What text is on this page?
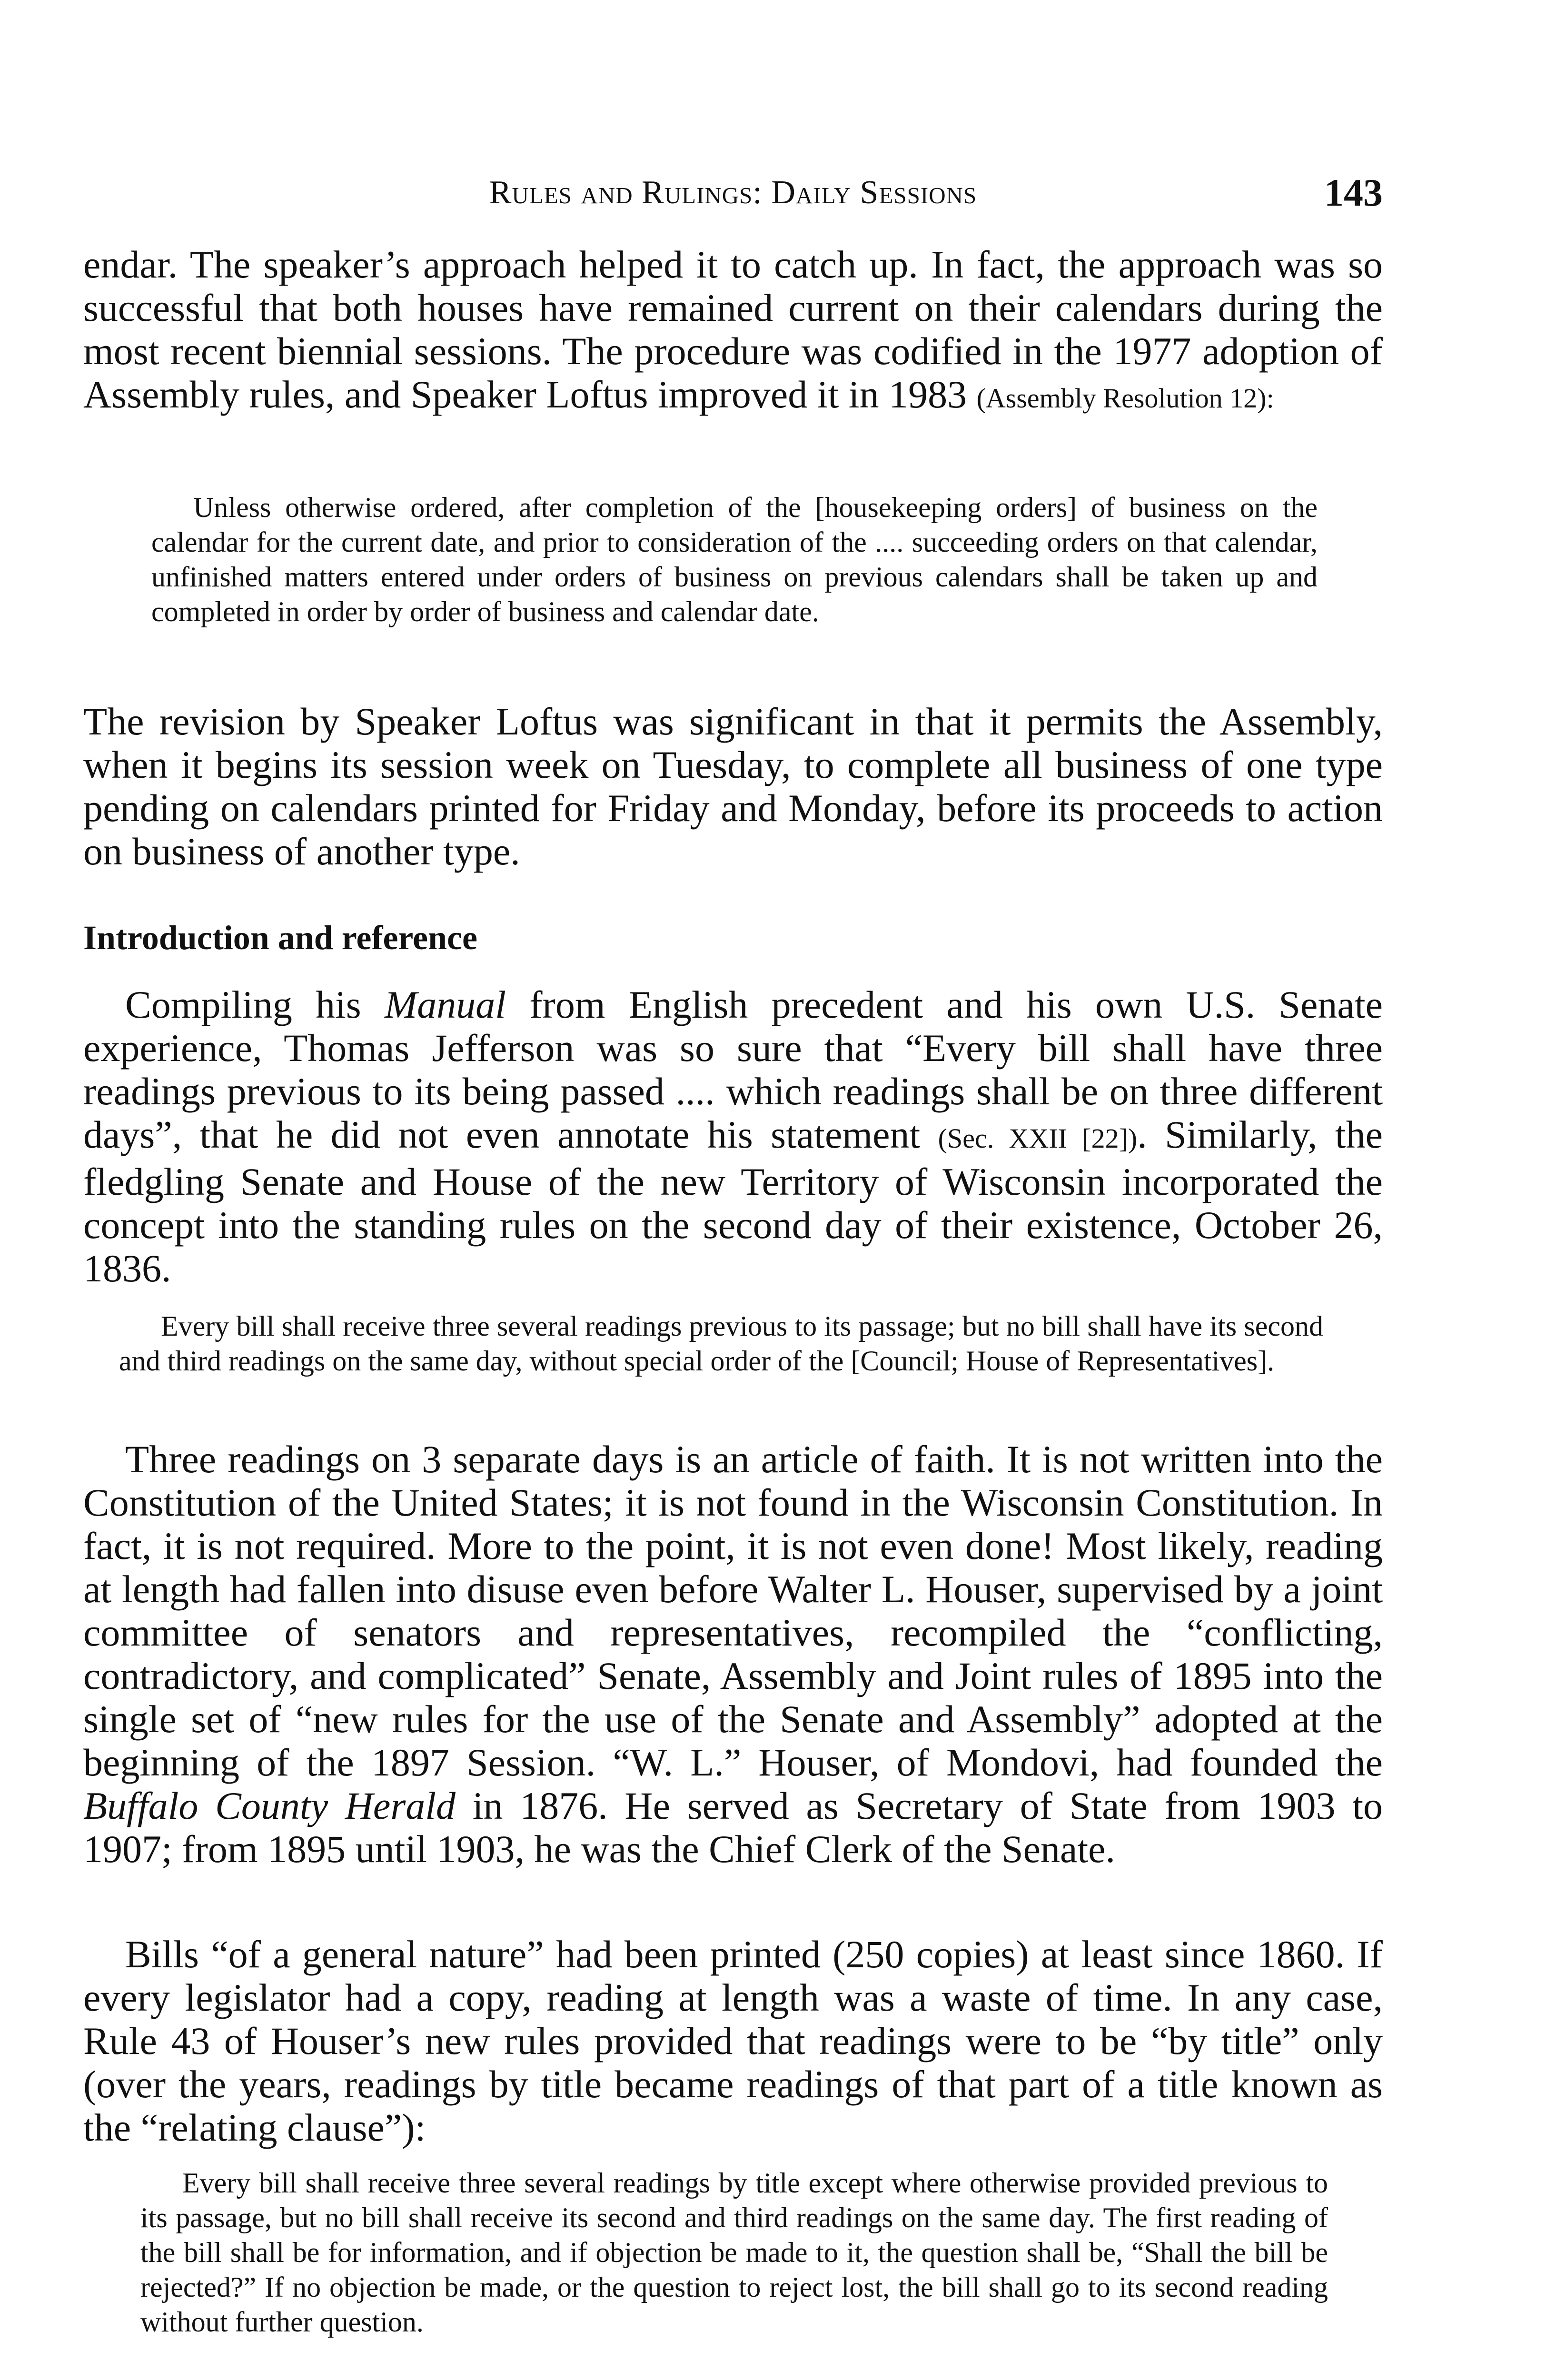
Rules and Rulings: Daily Sessions	143

endar. The speaker’s approach helped it to catch up. In fact, the approach was so successful that both houses have remained current on their calendars during the most recent biennial sessions. The procedure was codified in the 1977 adoption of Assembly rules, and Speaker Loftus improved it in 1983 (Assembly Resolution 12):

Unless otherwise ordered, after completion of the [housekeeping orders] of business on the calendar for the current date, and prior to consideration of the .... succeeding orders on that calendar, unfinished matters entered under orders of business on previous calendars shall be taken up and completed in order by order of business and calendar date.

The revision by Speaker Loftus was significant in that it permits the Assembly, when it begins its session week on Tuesday, to complete all business of one type pending on calendars printed for Friday and Monday, before its proceeds to action on business of another type.

Introduction and reference

Compiling his Manual from English precedent and his own U.S. Senate experience, Thomas Jefferson was so sure that “Every bill shall have three readings previous to its being passed .... which readings shall be on three different days”, that he did not even annotate his statement (Sec. XXII [22]). Similarly, the fledgling Senate and House of the new Territory of Wisconsin incorporated the concept into the standing rules on the second day of their existence, October 26, 1836.

Every bill shall receive three several readings previous to its passage; but no bill shall have its second and third readings on the same day, without special order of the [Council; House of Representatives].

Three readings on 3 separate days is an article of faith. It is not written into the Constitution of the United States; it is not found in the Wisconsin Constitution. In fact, it is not required. More to the point, it is not even done! Most likely, reading at length had fallen into disuse even before Walter L. Houser, supervised by a joint committee of senators and representatives, recompiled the “conflicting, contradictory, and complicated” Senate, Assembly and Joint rules of 1895 into the single set of “new rules for the use of the Senate and Assembly” adopted at the beginning of the 1897 Session. “W. L.” Houser, of Mondovi, had founded the Buffalo County Herald in 1876. He served as Secretary of State from 1903 to 1907; from 1895 until 1903, he was the Chief Clerk of the Senate.

Bills “of a general nature” had been printed (250 copies) at least since 1860. If every legislator had a copy, reading at length was a waste of time. In any case, Rule 43 of Houser’s new rules provided that readings were to be “by title” only (over the years, readings by title became readings of that part of a title known as the “relating clause”):

Every bill shall receive three several readings by title except where otherwise provided previous to its passage, but no bill shall receive its second and third readings on the same day. The first reading of the bill shall be for information, and if objection be made to it, the question shall be, “Shall the bill be rejected?” If no objection be made, or the question to reject lost, the bill shall go to its second reading without further question.
